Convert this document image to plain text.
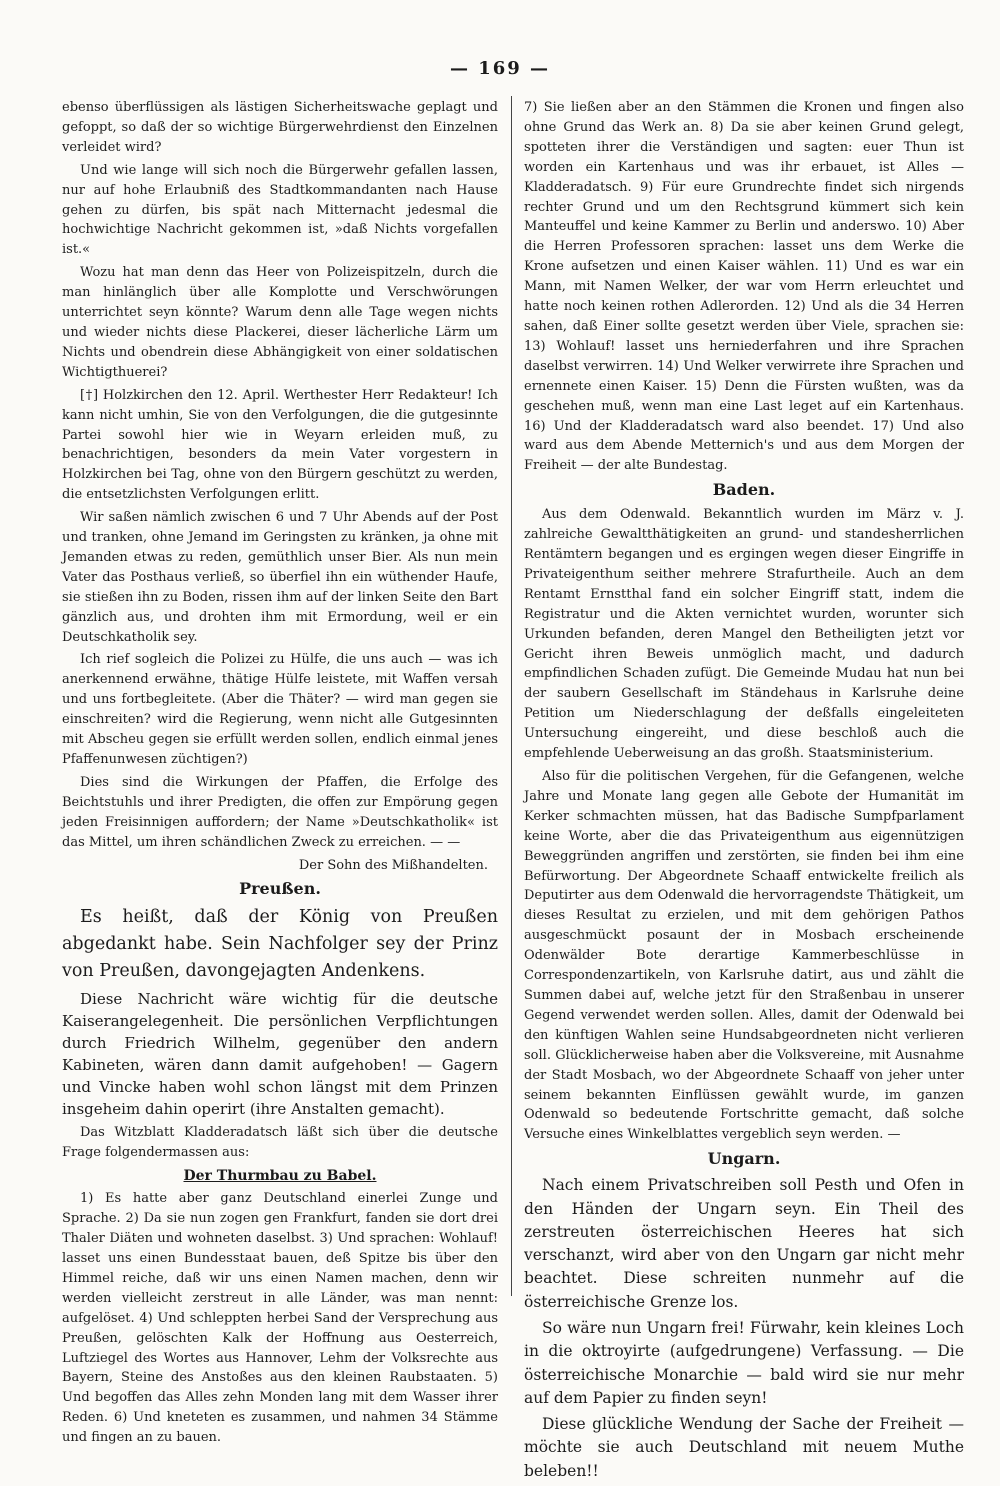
— 169 —

ebenso überflüssigen als lästigen Sicherheitswache geplagt und gefoppt, so daß der so wichtige Bürgerwehrdienst den Einzelnen verleidet wird?

Und wie lange will sich noch die Bürgerwehr gefallen lassen, nur auf hohe Erlaubniß des Stadtkommandanten nach Hause gehen zu dürfen, bis spät nach Mitternacht jedesmal die hochwichtige Nachricht gekommen ist, »daß Nichts vorgefallen ist.«

Wozu hat man denn das Heer von Polizeispitzeln, durch die man hinlänglich über alle Komplotte und Verschwörungen unterrichtet seyn könnte? Warum denn alle Tage wegen nichts und wieder nichts diese Plackerei, dieser lächerliche Lärm um Nichts und obendrein diese Abhängigkeit von einer soldatischen Wichtigthuerei?

[†] Holzkirchen den 12. April. Werthester Herr Redakteur! Ich kann nicht umhin, Sie von den Verfolgungen, die die gutgesinnte Partei sowohl hier wie in Weyarn erleiden muß, zu benachrichtigen, besonders da mein Vater vorgestern in Holzkirchen bei Tag, ohne von den Bürgern geschützt zu werden, die entsetzlichsten Verfolgungen erlitt.

Wir saßen nämlich zwischen 6 und 7 Uhr Abends auf der Post und tranken, ohne Jemand im Geringsten zu kränken, ja ohne mit Jemanden etwas zu reden, gemüthlich unser Bier. Als nun mein Vater das Posthaus verließ, so überfiel ihn ein wüthender Haufe, sie stießen ihn zu Boden, rissen ihm auf der linken Seite den Bart gänzlich aus, und drohten ihm mit Ermordung, weil er ein Deutschkatholik sey.

Ich rief sogleich die Polizei zu Hülfe, die uns auch — was ich anerkennend erwähne, thätige Hülfe leistete, mit Waffen versah und uns fortbegleitete. (Aber die Thäter? — wird man gegen sie einschreiten? wird die Regierung, wenn nicht alle Gutgesinnten mit Abscheu gegen sie erfüllt werden sollen, endlich einmal jenes Pfaffenunwesen züchtigen?)

Dies sind die Wirkungen der Pfaffen, die Erfolge des Beichtstuhls und ihrer Predigten, die offen zur Empörung gegen jeden Freisinnigen auffordern; der Name »Deutschkatholik« ist das Mittel, um ihren schändlichen Zweck zu erreichen. — —

Der Sohn des Mißhandelten.

Preußen.

Es heißt, daß der König von Preußen abgedankt habe. Sein Nachfolger sey der Prinz von Preußen, davongejagten Andenkens.

Diese Nachricht wäre wichtig für die deutsche Kaiserangelegenheit. Die persönlichen Verpflichtungen durch Friedrich Wilhelm, gegenüber den andern Kabineten, wären dann damit aufgehoben! — Gagern und Vincke haben wohl schon längst mit dem Prinzen insgeheim dahin operirt (ihre Anstalten gemacht).

Das Witzblatt Kladderadatsch läßt sich über die deutsche Frage folgendermassen aus:

Der Thurmbau zu Babel.

1) Es hatte aber ganz Deutschland einerlei Zunge und Sprache. 2) Da sie nun zogen gen Frankfurt, fanden sie dort drei Thaler Diäten und wohneten daselbst. 3) Und sprachen: Wohlauf! lasset uns einen Bundesstaat bauen, deß Spitze bis über den Himmel reiche, daß wir uns einen Namen machen, denn wir werden vielleicht zerstreut in alle Länder, was man nennt: aufgelöset. 4) Und schleppten herbei Sand der Versprechung aus Preußen, gelöschten Kalk der Hoffnung aus Oesterreich, Luftziegel des Wortes aus Hannover, Lehm der Volksrechte aus Bayern, Steine des Anstoßes aus den kleinen Raubstaaten. 5) Und begoffen das Alles zehn Monden lang mit dem Wasser ihrer Reden. 6) Und kneteten es zusammen, und nahmen 34 Stämme und fingen an zu bauen.

7) Sie ließen aber an den Stämmen die Kronen und fingen also ohne Grund das Werk an. 8) Da sie aber keinen Grund gelegt, spotteten ihrer die Verständigen und sagten: euer Thun ist worden ein Kartenhaus und was ihr erbauet, ist Alles — Kladderadatsch. 9) Für eure Grundrechte findet sich nirgends rechter Grund und um den Rechtsgrund kümmert sich kein Manteuffel und keine Kammer zu Berlin und anderswo. 10) Aber die Herren Professoren sprachen: lasset uns dem Werke die Krone aufsetzen und einen Kaiser wählen. 11) Und es war ein Mann, mit Namen Welker, der war vom Herrn erleuchtet und hatte noch keinen rothen Adlerorden. 12) Und als die 34 Herren sahen, daß Einer sollte gesetzt werden über Viele, sprachen sie: 13) Wohlauf! lasset uns herniederfahren und ihre Sprachen daselbst verwirren. 14) Und Welker verwirrete ihre Sprachen und ernennete einen Kaiser. 15) Denn die Fürsten wußten, was da geschehen muß, wenn man eine Last leget auf ein Kartenhaus. 16) Und der Kladderadatsch ward also beendet. 17) Und also ward aus dem Abende Metternich's und aus dem Morgen der Freiheit — der alte Bundestag.

Baden.

Aus dem Odenwald. Bekanntlich wurden im März v. J. zahlreiche Gewaltthätigkeiten an grund- und standesherrlichen Rentämtern begangen und es ergingen wegen dieser Eingriffe in Privateigenthum seither mehrere Strafurtheile. Auch an dem Rentamt Ernstthal fand ein solcher Eingriff statt, indem die Registratur und die Akten vernichtet wurden, worunter sich Urkunden befanden, deren Mangel den Betheiligten jetzt vor Gericht ihren Beweis unmöglich macht, und dadurch empfindlichen Schaden zufügt. Die Gemeinde Mudau hat nun bei der saubern Gesellschaft im Ständehaus in Karlsruhe deine Petition um Niederschlagung der deßfalls eingeleiteten Untersuchung eingereiht, und diese beschloß auch die empfehlende Ueberweisung an das großh. Staatsministerium.

Also für die politischen Vergehen, für die Gefangenen, welche Jahre und Monate lang gegen alle Gebote der Humanität im Kerker schmachten müssen, hat das Badische Sumpfparlament keine Worte, aber die das Privateigenthum aus eigennützigen Beweggründen angriffen und zerstörten, sie finden bei ihm eine Befürwortung. Der Abgeordnete Schaaff entwickelte freilich als Deputirter aus dem Odenwald die hervorragendste Thätigkeit, um dieses Resultat zu erzielen, und mit dem gehörigen Pathos ausgeschmückt posaunt der in Mosbach erscheinende Odenwälder Bote derartige Kammerbeschlüsse in Correspondenzartikeln, von Karlsruhe datirt, aus und zählt die Summen dabei auf, welche jetzt für den Straßenbau in unserer Gegend verwendet werden sollen. Alles, damit der Odenwald bei den künftigen Wahlen seine Hundsabgeordneten nicht verlieren soll. Glücklicherweise haben aber die Volksvereine, mit Ausnahme der Stadt Mosbach, wo der Abgeordnete Schaaff von jeher unter seinem bekannten Einflüssen gewählt wurde, im ganzen Odenwald so bedeutende Fortschritte gemacht, daß solche Versuche eines Winkelblattes vergeblich seyn werden. —

Ungarn.

Nach einem Privatschreiben soll Pesth und Ofen in den Händen der Ungarn seyn. Ein Theil des zerstreuten österreichischen Heeres hat sich verschanzt, wird aber von den Ungarn gar nicht mehr beachtet. Diese schreiten nunmehr auf die österreichische Grenze los.

So wäre nun Ungarn frei! Fürwahr, kein kleines Loch in die oktroyirte (aufgedrungene) Verfassung. — Die österreichische Monarchie — bald wird sie nur mehr auf dem Papier zu finden seyn!

Diese glückliche Wendung der Sache der Freiheit — möchte sie auch Deutschland mit neuem Muthe beleben!!
